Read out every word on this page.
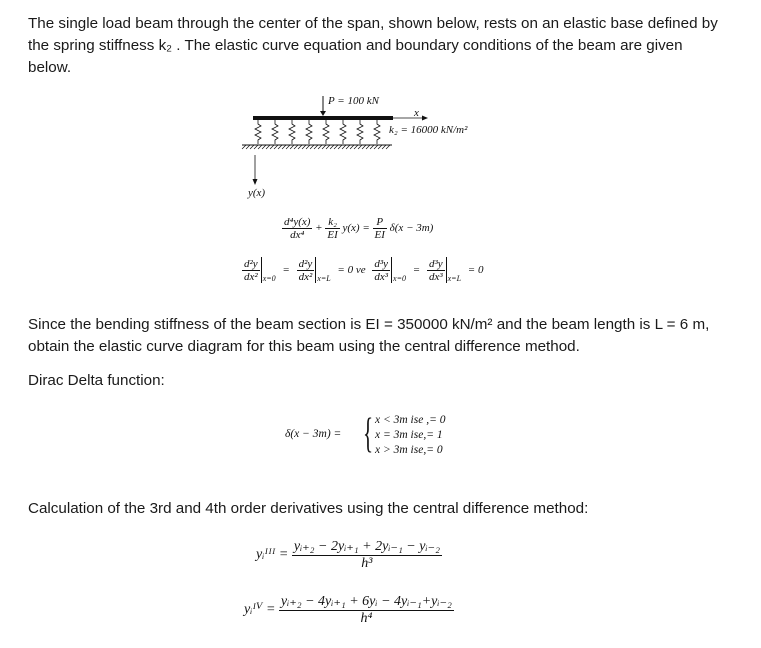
The single load beam through the center of the span, shown below, rests on an elastic base defined by the spring stiffness k₂ . The elastic curve equation and boundary conditions of the beam are given below.

P = 100 kN
x
k₂ = 16000 kN/m²
y(x)
$\frac{\text{d⁴y(x)}}{\text{dx⁴}} + \frac{\text{k₂}}{EI} y(x) = \frac{P}{EI} \delta(x - 3m)$
$\frac{\text{d²y}}{\text{dx²}} x=0 = \frac{\text{d²y}}{\text{dx²}} x=L = 0$ ve $\frac{\text{d³y}}{\text{dx³}} x=0 = \frac{\text{d³y}}{\text{dx³}} x=L = 0$

Since the bending stiffness of the beam section is EI = 350000 kN/m² and the beam length is L = 6 m, obtain the elastic curve diagram for this beam using the central difference method.

Dirac Delta function:

δ(x − 3m) = { x < 3m ise ,= 0
x = 3m ise,= 1
x > 3m ise,= 0

Calculation of the 3rd and 4th order derivatives using the central difference method:

yᵢᴵᴵᴵ = $\frac{\text{yᵢ₊₂ − 2yᵢ₊₁ + 2yᵢ₋₁ − yᵢ₋₂}}{\text{h³}}$
yᵢᴵⱽ = $\frac{\text{yᵢ₊₂ − 4yᵢ₊₁ + 6yᵢ − 4yᵢ₋₁+yᵢ₋₂}}{\text{h⁴}}$
